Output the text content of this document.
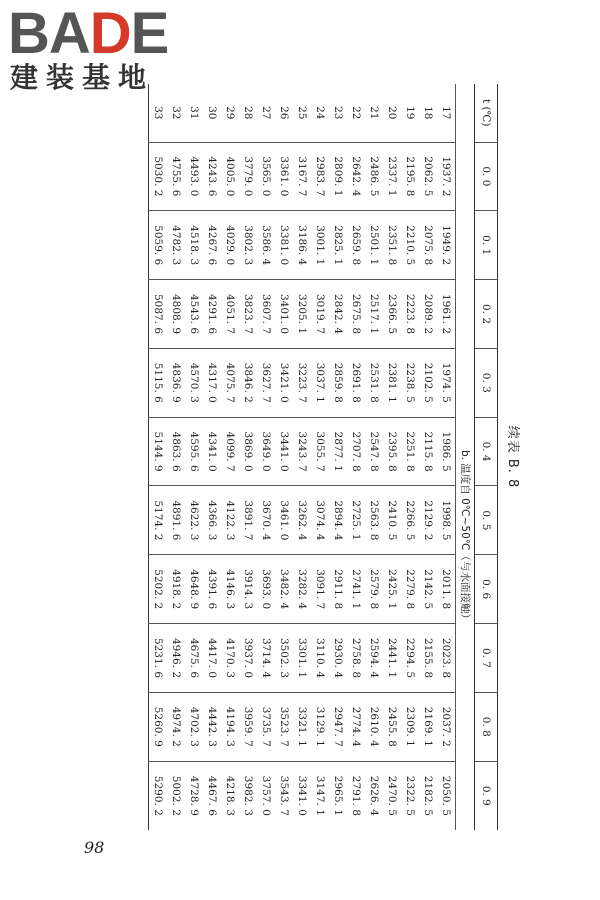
BADE
建装基地
续表 B. 8
t (℃)	0. 0	0. 1	0. 2	0. 3	0. 4	0. 5	0. 6	0. 7	0. 8	0. 9
b. 温度自 0℃~50℃（与水面接触）										
17	1937. 2	1949. 2	1961. 2	1974. 5	1986. 5	1998. 5	2011. 8	2023. 8	2037. 2	2050. 5
18	2062. 5	2075. 8	2089. 2	2102. 5	2115. 8	2129. 2	2142. 5	2155. 8	2169. 1	2182. 5
19	2195. 8	2210. 5	2223. 8	2238. 5	2251. 8	2266. 5	2279. 8	2294. 5	2309. 1	2322. 5
20	2337. 1	2351. 8	2366. 5	2381. 1	2395. 8	2410. 5	2425. 1	2441. 1	2455. 8	2470. 5
21	2486. 5	2501. 1	2517. 1	2531. 8	2547. 8	2563. 8	2579. 8	2594. 4	2610. 4	2626. 4
22	2642. 4	2659. 8	2675. 8	2691. 8	2707. 8	2725. 1	2741. 1	2758. 8	2774. 4	2791. 8
23	2809. 1	2825. 1	2842. 4	2859. 8	2877. 1	2894. 4	2911. 8	2930. 4	2947. 7	2965. 1
24	2983. 7	3001. 1	3019. 7	3037. 1	3055. 7	3074. 4	3091. 7	3110. 4	3129. 1	3147. 1
25	3167. 7	3186. 4	3205. 1	3223. 7	3243. 7	3262. 4	3282. 4	3301. 1	3321. 1	3341. 0
26	3361. 0	3381. 0	3401. 0	3421. 0	3441. 0	3461. 0	3482. 4	3502. 3	3523. 7	3543. 7
27	3565. 0	3586. 4	3607. 7	3627. 7	3649. 0	3670. 4	3693. 0	3714. 4	3735. 7	3757. 0
28	3779. 0	3802. 3	3823. 7	3846. 2	3869. 0	3891. 7	3914. 3	3937. 0	3959. 7	3982. 3
29	4005. 0	4029. 0	4051. 7	4075. 7	4099. 7	4122. 3	4146. 3	4170. 3	4194. 3	4218. 3
30	4243. 6	4267. 6	4291. 6	4317. 0	4341. 0	4366. 3	4391. 6	4417. 0	4442. 3	4467. 6
31	4493. 0	4518. 3	4543. 6	4570. 3	4595. 6	4622. 3	4648. 9	4675. 6	4702. 3	4728. 9
32	4755. 6	4782. 3	4808. 9	4836. 9	4863. 6	4891. 6	4918. 2	4946. 2	4974. 2	5002. 2
33	5030. 2	5059. 6	5087. 6	5115. 6	5144. 9	5174. 2	5202. 2	5231. 6	5260. 9	5290. 2
98
